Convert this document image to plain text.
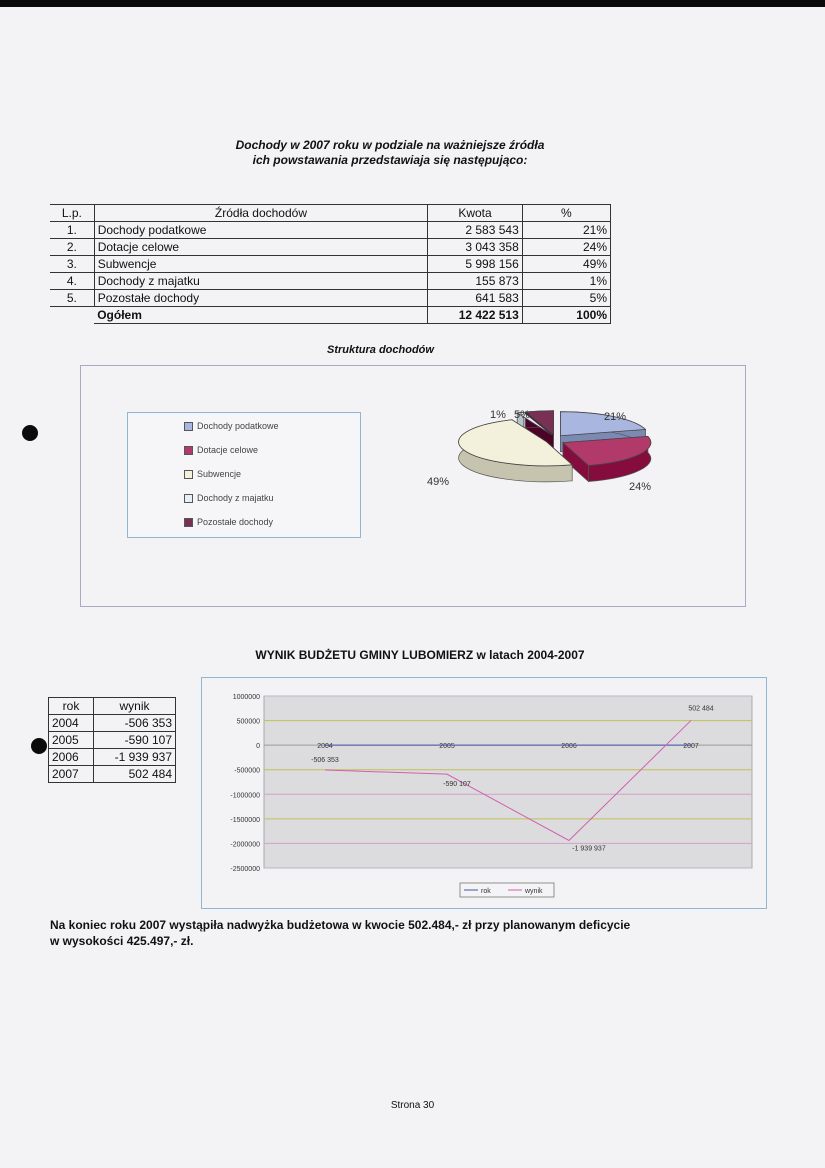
Dochody w 2007 roku w podziale na ważniejsze źródła
ich powstawania przedstawiaja się następująco:
L.p.	Źródła dochodów	Kwota	%
1.	Dochody podatkowe	2 583 543	21%
2.	Dotacje celowe	3 043 358	24%
3.	Subwencje	5 998 156	49%
4.	Dochody z majatku	155 873	1%
5.	Pozostałe dochody	641 583	5%
	Ogółem	12 422 513	100%
Struktura dochodów
Dochody podatkowe
Dotacje celowe
Subwencje
Dochody z majatku
Pozostałe dochody
21%
24%
49%
1% 5%
WYNIK BUDŻETU GMINY LUBOMIERZ w latach 2004-2007
rok	wynik
2004	-506 353
2005	-590 107
2006	-1 939 937
2007	502 484
1000000
500000
0
-500000
-1000000
-1500000
-2000000
-2500000
2004	2005	2006	2007
-506 353
-590 107
-1 939 937
502 484
rok	wynik
Na koniec roku 2007 wystąpiła nadwyżka budżetowa w kwocie 502.484,- zł przy planowanym deficycie
w wysokości 425.497,- zł.
Strona 30
